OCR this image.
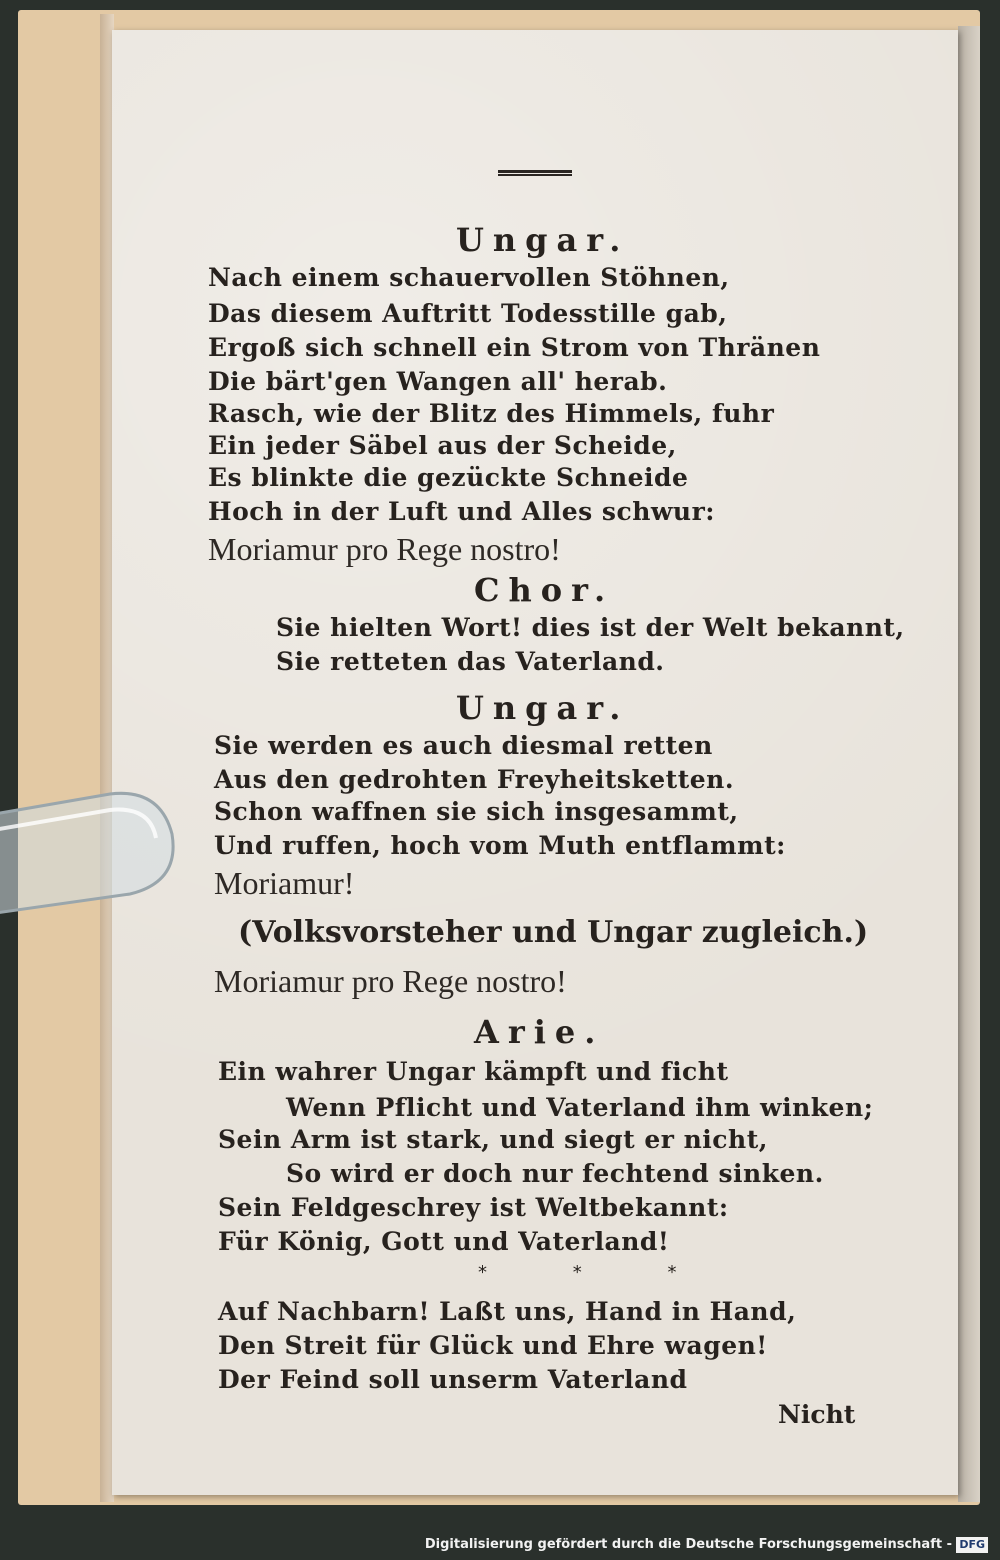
Ungar.
Nach einem schauervollen Stöhnen,
Das diesem Auftritt Todesstille gab,
Ergoß sich schnell ein Strom von Thränen
Die bärt'gen Wangen all' herab.
Rasch, wie der Blitz des Himmels, fuhr
Ein jeder Säbel aus der Scheide,
Es blinkte die gezückte Schneide
Hoch in der Luft und Alles schwur:
Moriamur pro Rege nostro!
Chor.
Sie hielten Wort! dies ist der Welt bekannt,
Sie retteten das Vaterland.
Ungar.
Sie werden es auch diesmal retten
Aus den gedrohten Freyheitsketten.
Schon waffnen sie sich insgesammt,
Und ruffen, hoch vom Muth entflammt:
Moriamur!
(Volksvorsteher und Ungar zugleich.)
Moriamur pro Rege nostro!
Arie.
Ein wahrer Ungar kämpft und ficht
Wenn Pflicht und Vaterland ihm winken;
Sein Arm ist stark, und siegt er nicht,
So wird er doch nur fechtend sinken.
Sein Feldgeschrey ist Weltbekannt:
Für König, Gott und Vaterland!
* * *
Auf Nachbarn! Laßt uns, Hand in Hand,
Den Streit für Glück und Ehre wagen!
Der Feind soll unserm Vaterland
Nicht
Digitalisierung gefördert durch die Deutsche Forschungsgemeinschaft - DFG
